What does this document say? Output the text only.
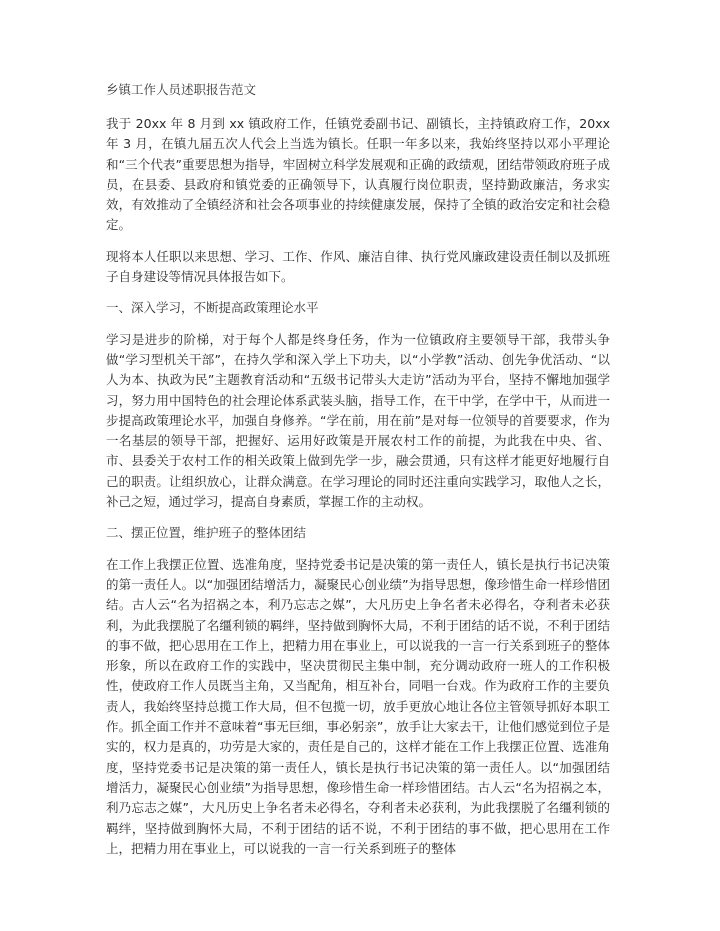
乡镇工作人员述职报告范文

我于 20xx 年 8 月到 xx 镇政府工作，任镇党委副书记、副镇长，主持镇政府工作，20xx 年 3 月，在镇九届五次人代会上当选为镇长。任职一年多以来，我始终坚持以邓小平理论和“三个代表”重要思想为指导，牢固树立科学发展观和正确的政绩观，团结带领政府班子成员，在县委、县政府和镇党委的正确领导下，认真履行岗位职责，坚持勤政廉洁，务求实效，有效推动了全镇经济和社会各项事业的持续健康发展，保持了全镇的政治安定和社会稳定。

现将本人任职以来思想、学习、工作、作风、廉洁自律、执行党风廉政建设责任制以及抓班子自身建设等情况具体报告如下。

一、深入学习，不断提高政策理论水平

学习是进步的阶梯，对于每个人都是终身任务，作为一位镇政府主要领导干部，我带头争做“学习型机关干部”，在持久学和深入学上下功夫，以“小学教”活动、创先争优活动、“以人为本、执政为民”主题教育活动和“五级书记带头大走访”活动为平台，坚持不懈地加强学习，努力用中国特色的社会理论体系武装头脑，指导工作，在干中学，在学中干，从而进一步提高政策理论水平，加强自身修养。“学在前，用在前”是对每一位领导的首要要求，作为一名基层的领导干部，把握好、运用好政策是开展农村工作的前提，为此我在中央、省、市、县委关于农村工作的相关政策上做到先学一步，融会贯通，只有这样才能更好地履行自己的职责。让组织放心，让群众满意。在学习理论的同时还注重向实践学习，取他人之长，补己之短，通过学习，提高自身素质，掌握工作的主动权。

二、摆正位置，维护班子的整体团结

在工作上我摆正位置、选准角度，坚持党委书记是决策的第一责任人，镇长是执行书记决策的第一责任人。以“加强团结增活力，凝聚民心创业绩”为指导思想，像珍惜生命一样珍惜团结。古人云“名为招祸之本，利乃忘志之媒”，大凡历史上争名者未必得名，夺利者未必获利，为此我摆脱了名缰利锁的羁绊，坚持做到胸怀大局，不利于团结的话不说，不利于团结的事不做，把心思用在工作上，把精力用在事业上，可以说我的一言一行关系到班子的整体形象，所以在政府工作的实践中，坚决贯彻民主集中制，充分调动政府一班人的工作积极性，使政府工作人员既当主角，又当配角，相互补台，同唱一台戏。作为政府工作的主要负责人，我始终坚持总揽工作大局，但不包揽一切，放手更放心地让各位主管领导抓好本职工作。抓全面工作并不意味着“事无巨细，事必躬亲”，放手让大家去干，让他们感觉到位子是实的，权力是真的，功劳是大家的，责任是自己的，这样才能在工作上我摆正位置、选准角度，坚持党委书记是决策的第一责任人，镇长是执行书记决策的第一责任人。以“加强团结增活力，凝聚民心创业绩”为指导思想，像珍惜生命一样珍惜团结。古人云“名为招祸之本，利乃忘志之媒”，大凡历史上争名者未必得名，夺利者未必获利，为此我摆脱了名缰利锁的羁绊，坚持做到胸怀大局，不利于团结的话不说，不利于团结的事不做，把心思用在工作上，把精力用在事业上，可以说我的一言一行关系到班子的整体
